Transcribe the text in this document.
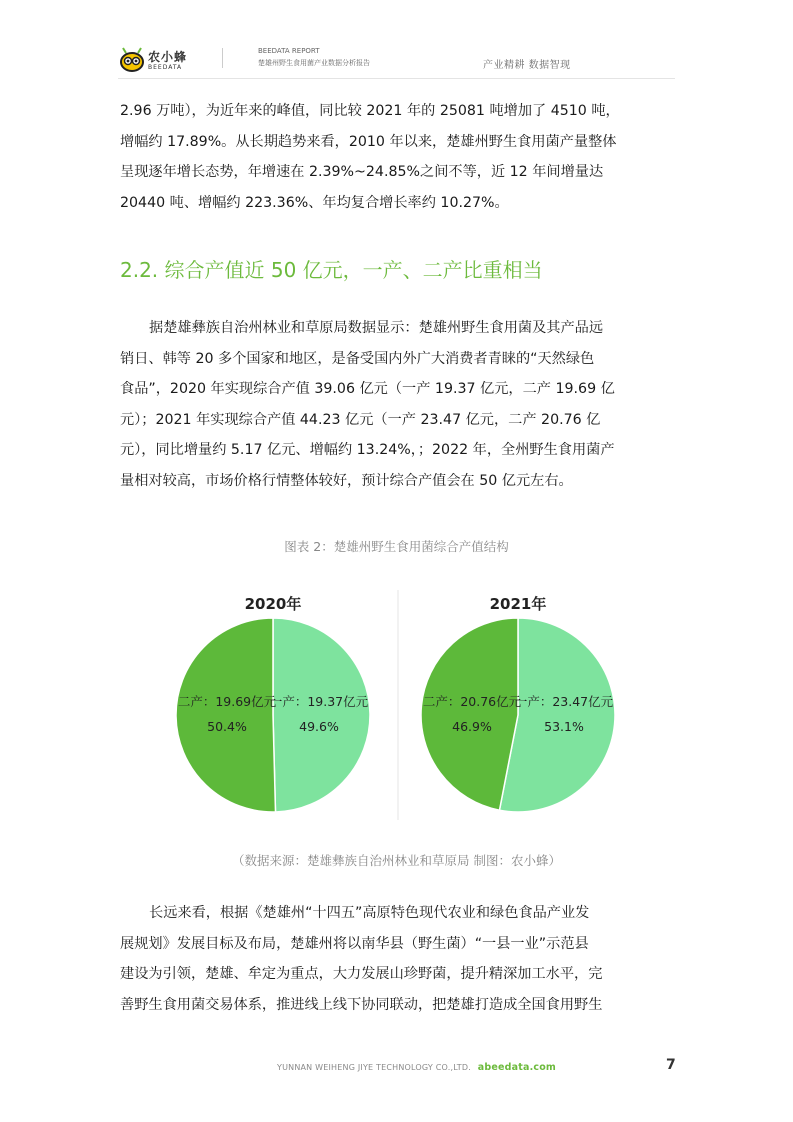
农小蜂
BEEDATA
BEEDATA REPORT
楚雄州野生食用菌产业数据分析报告	产业精耕 数据智现
2.96 万吨），为近年来的峰值，同比较 2021 年的 25081 吨增加了 4510 吨，
增幅约 17.89%。从长期趋势来看，2010 年以来，楚雄州野生食用菌产量整体
呈现逐年增长态势，年增速在 2.39%~24.85%之间不等，近 12 年间增量达
20440 吨、增幅约 223.36%、年均复合增长率约 10.27%。
2.2. 综合产值近 50 亿元，一产、二产比重相当
据楚雄彝族自治州林业和草原局数据显示：楚雄州野生食用菌及其产品远
销日、韩等 20 多个国家和地区，是备受国内外广大消费者青睐的“天然绿色
食品”，2020 年实现综合产值 39.06 亿元（一产 19.37 亿元，二产 19.69 亿
元）；2021 年实现综合产值 44.23 亿元（一产 23.47 亿元，二产 20.76 亿
元），同比增量约 5.17 亿元、增幅约 13.24%，；2022 年，全州野生食用菌产
量相对较高，市场价格行情整体较好，预计综合产值会在 50 亿元左右。
图表 2：楚雄州野生食用菌综合产值结构
2020年
一产：19.37亿元
49.6%
二产：19.69亿元
50.4%
2021年
一产：23.47亿元
53.1%
二产：20.76亿元
46.9%
（数据来源：楚雄彝族自治州林业和草原局 制图：农小蜂）
长远来看，根据《楚雄州“十四五”高原特色现代农业和绿色食品产业发
展规划》发展目标及布局，楚雄州将以南华县（野生菌）“一县一业”示范县
建设为引领，楚雄、牟定为重点，大力发展山珍野菌，提升精深加工水平，完
善野生食用菌交易体系，推进线上线下协同联动，把楚雄打造成全国食用野生
YUNNAN WEIHENG JIYE TECHNOLOGY CO.,LTD. abeedata.com	7
